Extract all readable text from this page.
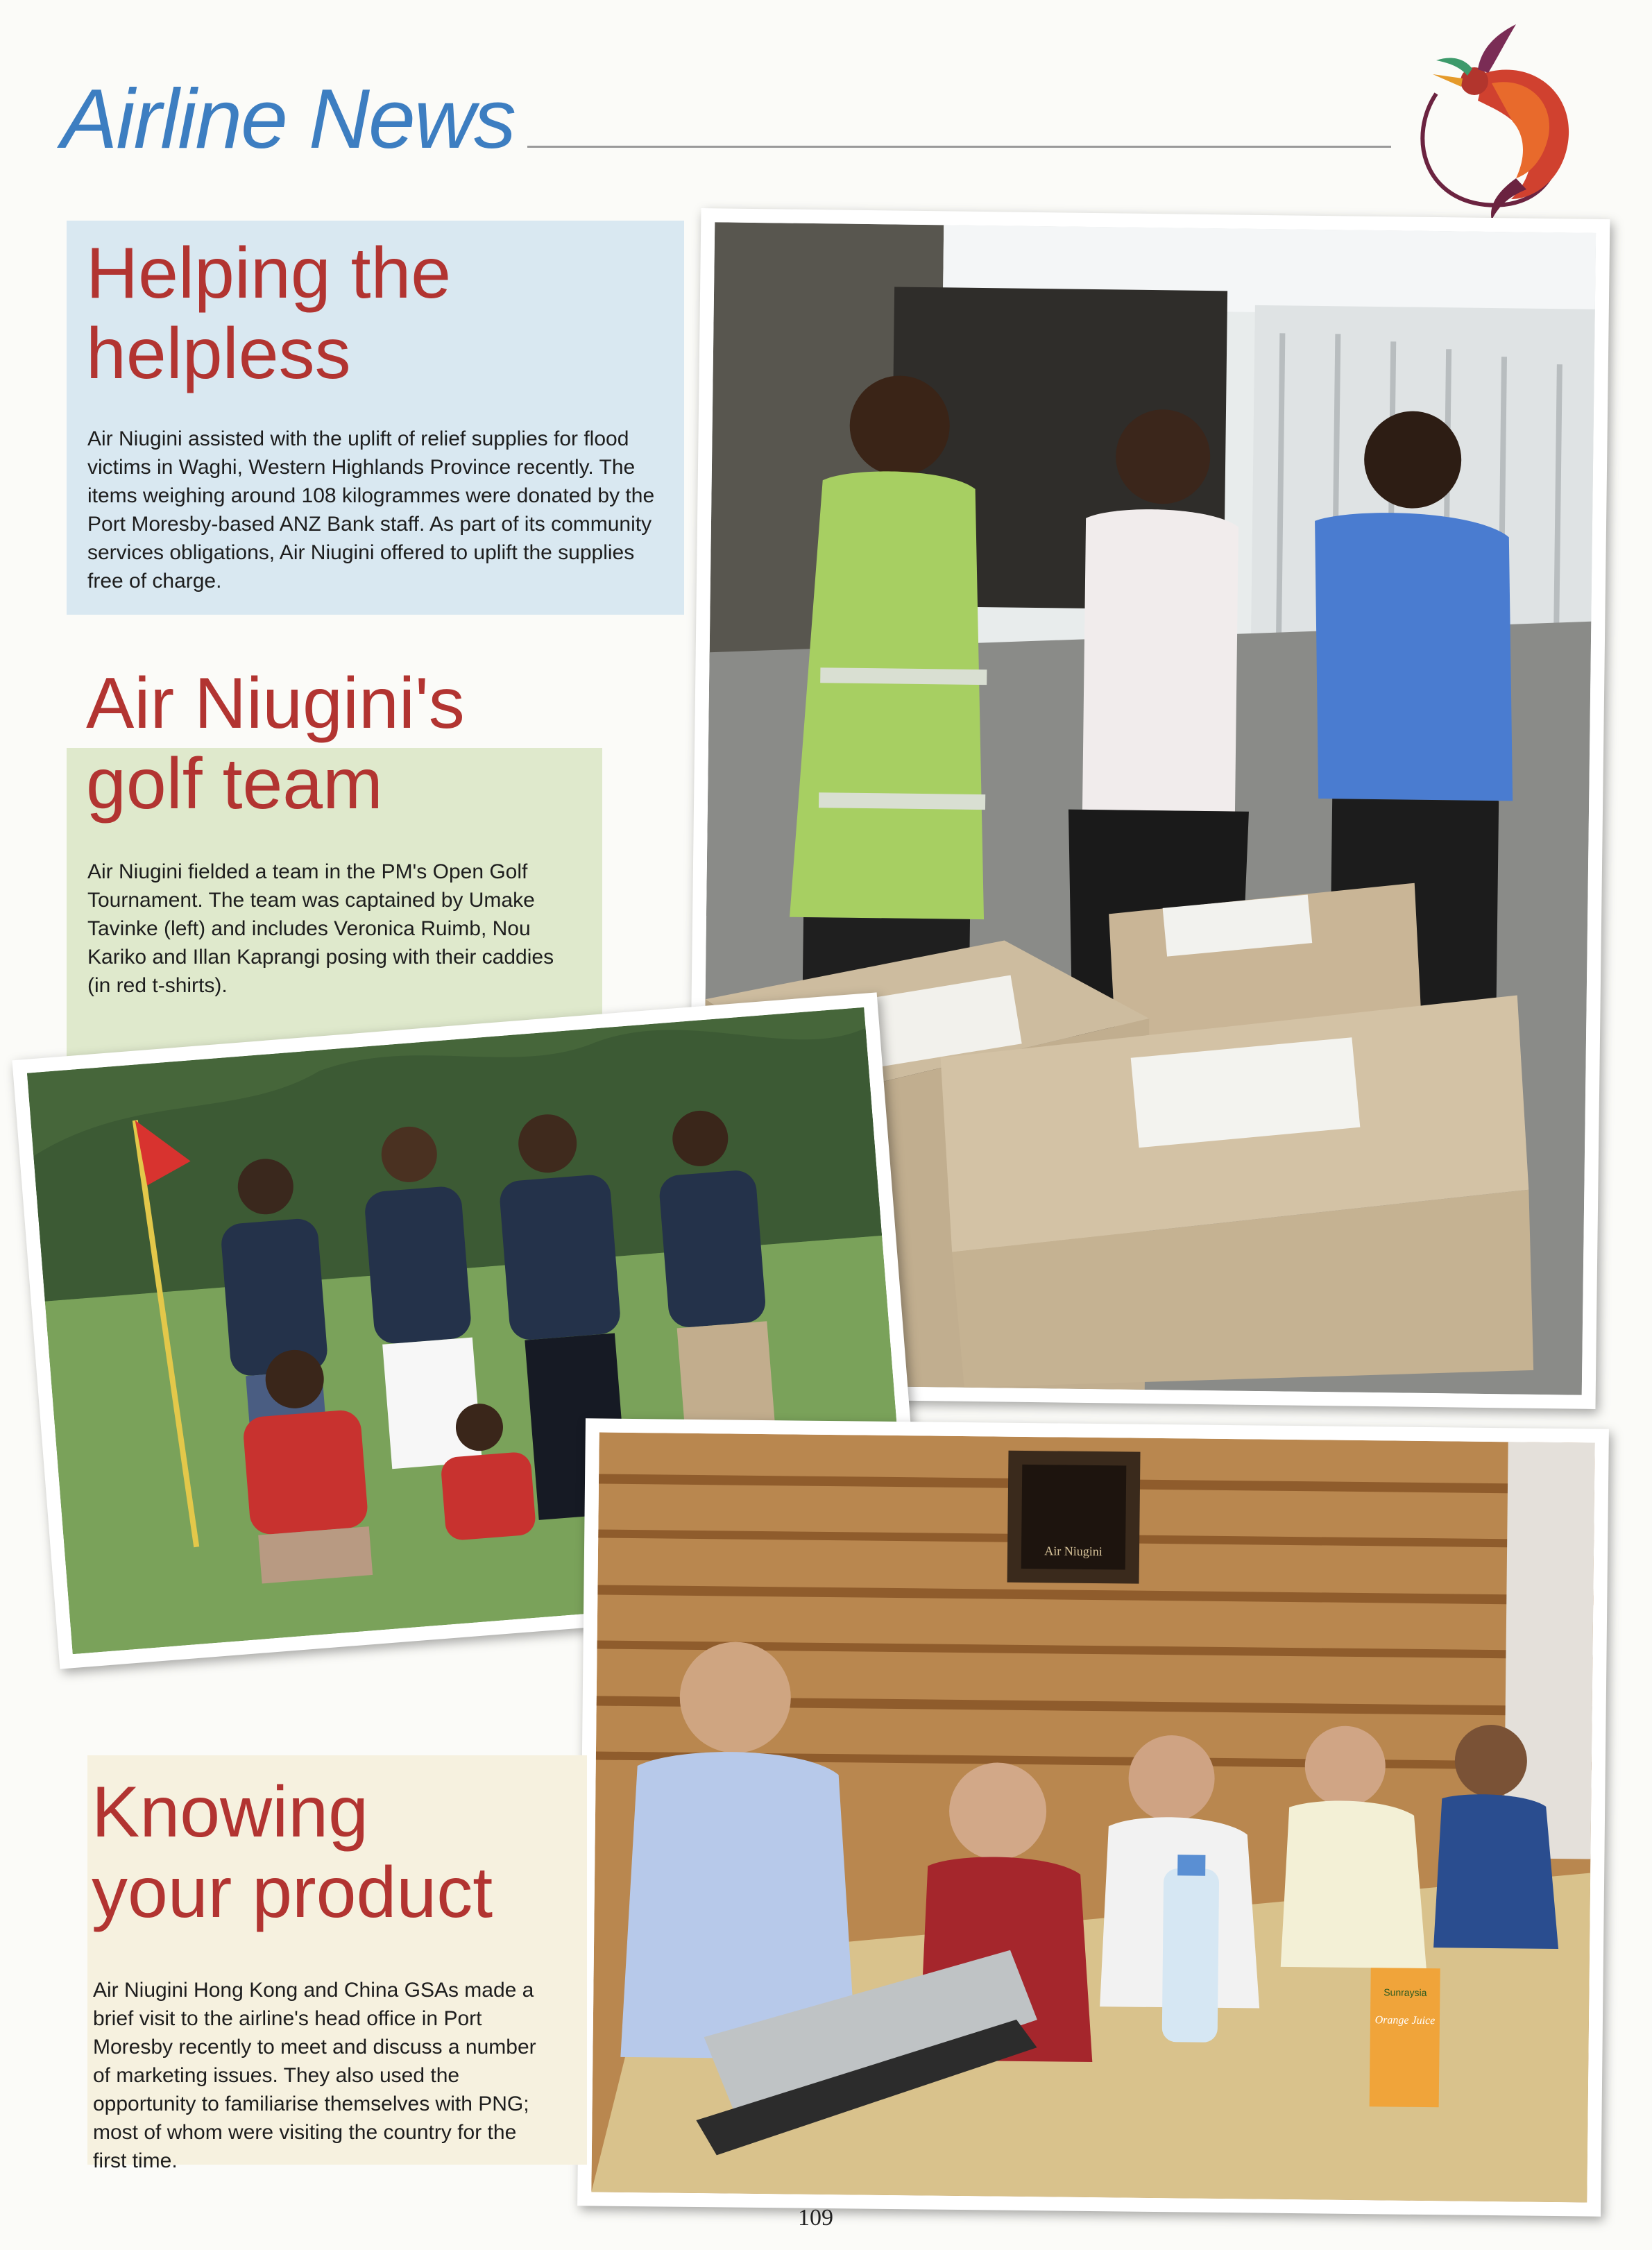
Airline News
Helping the
helpless
Air Niugini assisted with the uplift of relief supplies for flood victims in Waghi, Western Highlands Province recently. The items weighing around 108 kilogrammes were donated by the Port Moresby-based ANZ Bank staff. As part of its community services obligations, Air Niugini offered to uplift the supplies free of charge.
Air Niugini's
golf team
Air Niugini fielded a team in the PM's Open Golf Tournament. The team was captained by Umake Tavinke (left) and includes Veronica Ruimb, Nou Kariko and Illan Kaprangi posing with their caddies (in red t-shirts).
Air Niugini
Sunraysia
Orange Juice
Knowing
your product
Air Niugini Hong Kong and China GSAs made a brief visit to the airline's head office in Port Moresby recently to meet and discuss a number of marketing issues. They also used the opportunity to familiarise themselves with PNG; most of whom were visiting the country for the first time.
109
